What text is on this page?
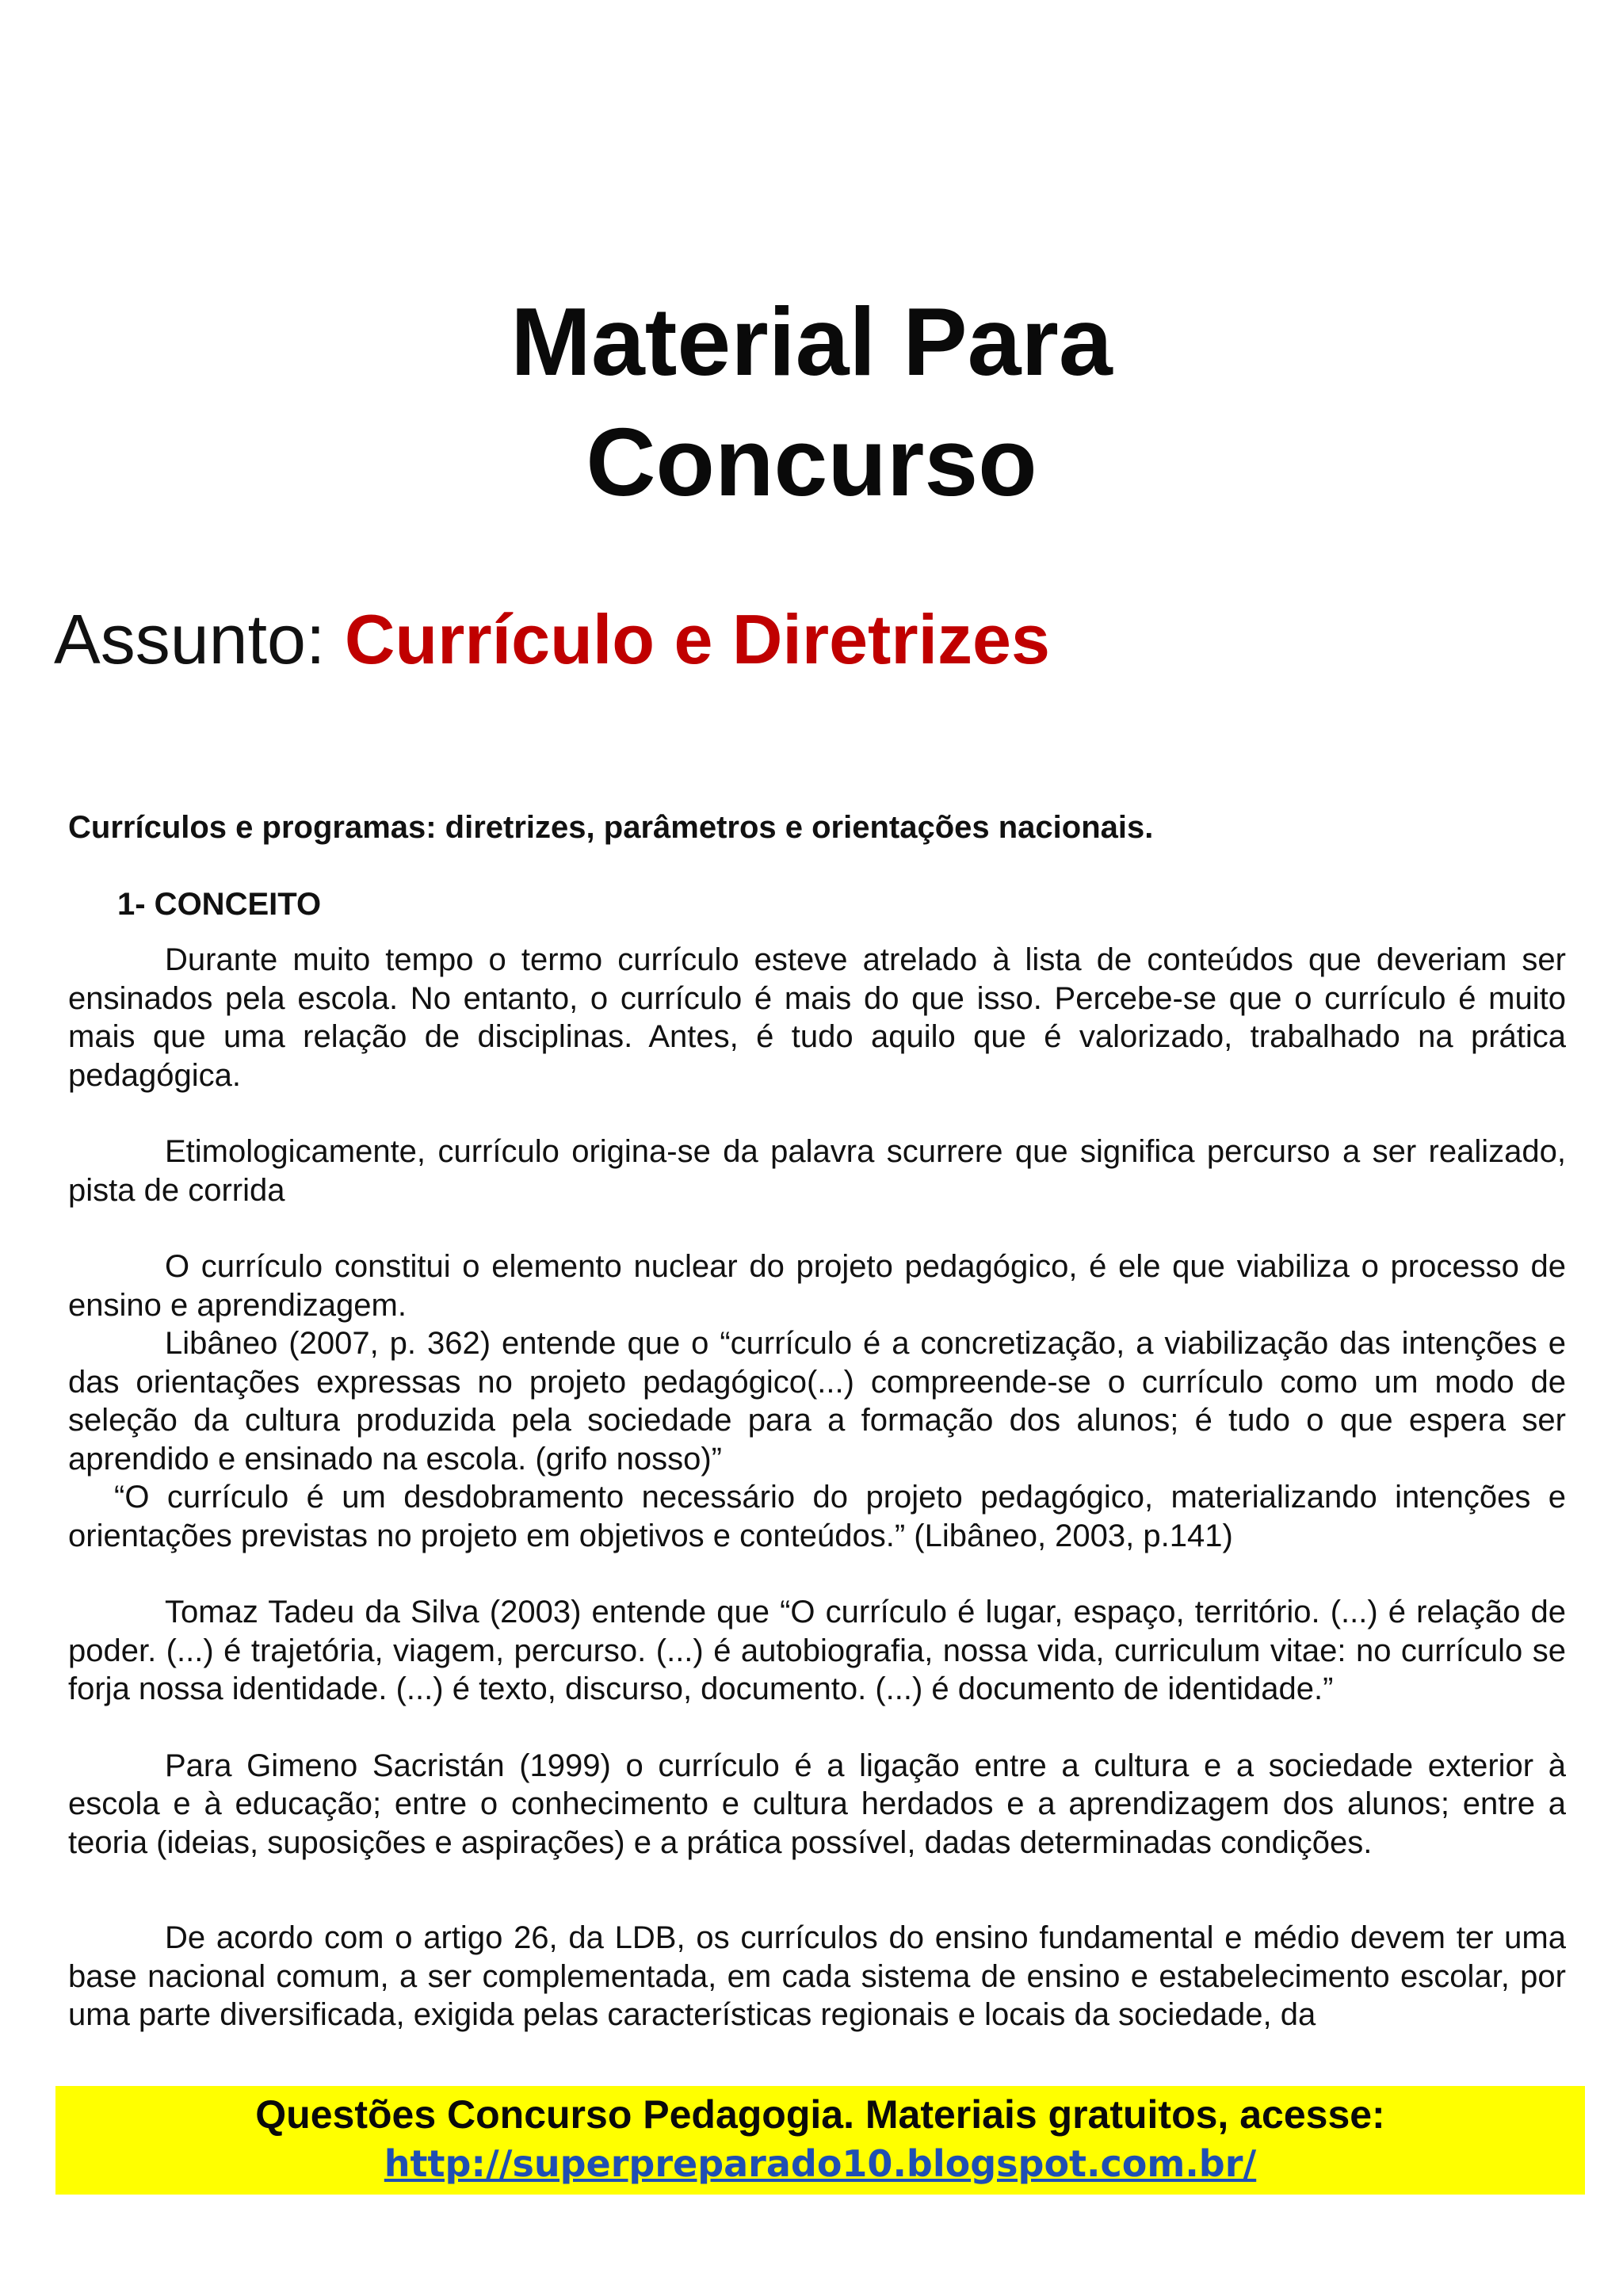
Material Para
Concurso
Assunto: Currículo e Diretrizes

Currículos e programas: diretrizes, parâmetros e orientações nacionais.

1- CONCEITO

Durante muito tempo o termo currículo esteve atrelado à lista de conteúdos que deveriam ser ensinados pela escola. No entanto, o currículo é mais do que isso. Percebe-se que o currículo é muito mais que uma relação de disciplinas. Antes, é tudo aquilo que é valorizado, trabalhado na prática pedagógica.

Etimologicamente, currículo origina-se da palavra scurrere que significa percurso a ser realizado, pista de corrida

O currículo constitui o elemento nuclear do projeto pedagógico, é ele que viabiliza o processo de ensino e aprendizagem.

Libâneo (2007, p. 362) entende que o “currículo é a concretização, a viabilização das intenções e das orientações expressas no projeto pedagógico(...) compreende-se o currículo como um modo de seleção da cultura produzida pela sociedade para a formação dos alunos; é tudo o que espera ser aprendido e ensinado na escola. (grifo nosso)”

“O currículo é um desdobramento necessário do projeto pedagógico, materializando intenções e orientações previstas no projeto em objetivos e conteúdos.” (Libâneo, 2003, p.141)

Tomaz Tadeu da Silva (2003) entende que “O currículo é lugar, espaço, território. (...) é relação de poder. (...) é trajetória, viagem, percurso. (...) é autobiografia, nossa vida, curriculum vitae: no currículo se forja nossa identidade. (...) é texto, discurso, documento. (...) é documento de identidade.”

Para Gimeno Sacristán (1999) o currículo é a ligação entre a cultura e a sociedade exterior à escola e à educação; entre o conhecimento e cultura herdados e a aprendizagem dos alunos; entre a teoria (ideias, suposições e aspirações) e a prática possível, dadas determinadas condições.

De acordo com o artigo 26, da LDB, os currículos do ensino fundamental e médio devem ter uma base nacional comum, a ser complementada, em cada sistema de ensino e estabelecimento escolar, por uma parte diversificada, exigida pelas características regionais e locais da sociedade, da

Questões Concurso Pedagogia. Materiais gratuitos, acesse:

http://superpreparado10.blogspot.com.br/
